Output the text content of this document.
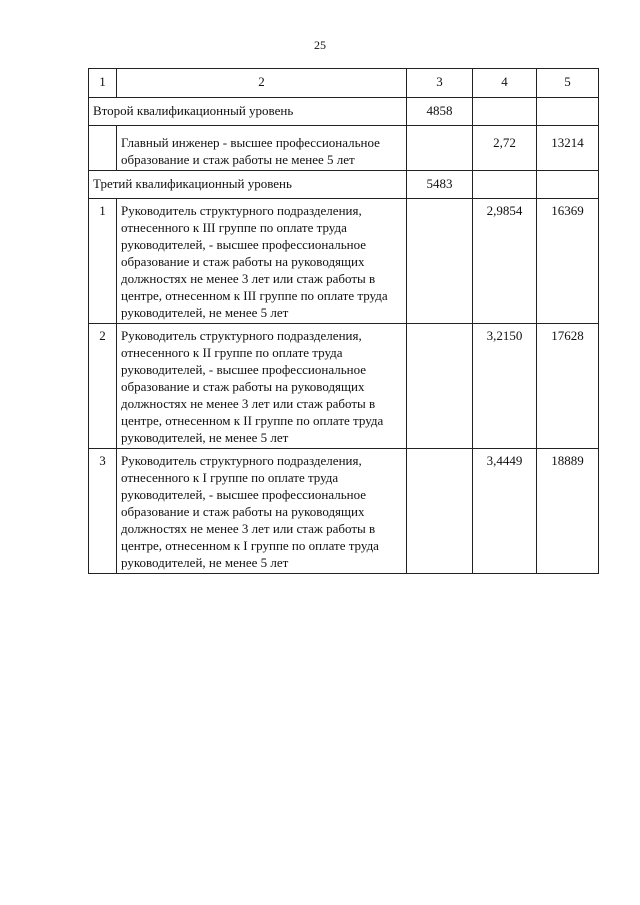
25
1	2	3	4	5
Второй квалификационный уровень		4858		
	Главный инженер - высшее профессиональное образование и стаж работы не менее 5 лет		2,72	13214
Третий квалификационный уровень		5483		
1	Руководитель структурного подразделения, отнесенного к III группе по оплате труда руководителей, - высшее профессиональное образование и стаж работы на руководящих должностях не менее 3 лет или стаж работы в центре, отнесенном к III группе по оплате труда руководителей, не менее 5 лет		2,9854	16369
2	Руководитель структурного подразделения, отнесенного к II группе по оплате труда руководителей, - высшее профессиональное образование и стаж работы на руководящих должностях не менее 3 лет или стаж работы в центре, отнесенном к II группе по оплате труда руководителей, не менее 5 лет		3,2150	17628
3	Руководитель структурного подразделения, отнесенного к I группе по оплате труда руководителей, - высшее профессиональное образование и стаж работы на руководящих должностях не менее 3 лет или стаж работы в центре, отнесенном к I группе по оплате труда руководителей, не менее 5 лет		3,4449	18889
